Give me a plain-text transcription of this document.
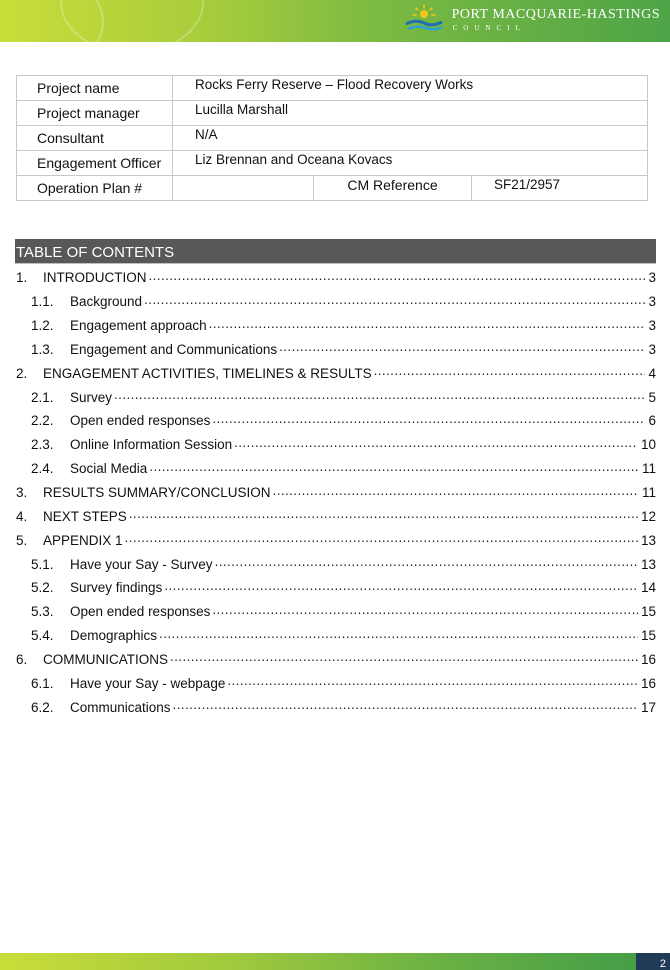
PORT MACQUARIE-HASTINGS
COUNCIL
Project name	Rocks Ferry Reserve – Flood Recovery Works		

Project manager	Lucilla Marshall		

Consultant	N/A		

Engagement Officer	Liz Brennan and Oceana Kovacs		

Operation Plan #		CM Reference	SF21/2957
TABLE OF CONTENTS
1.	INTRODUCTION .....	3
1.1.	Background .....	3
1.2.	Engagement approach .....	3
1.3.	Engagement and Communications .....	3
2.	ENGAGEMENT ACTIVITIES, TIMELINES & RESULTS .....	4
2.1.	Survey .....	5
2.2.	Open ended responses .....	6
2.3.	Online Information Session .....	10
2.4.	Social Media .....	11
3.	RESULTS SUMMARY/CONCLUSION .....	11
4.	NEXT STEPS .....	12
5.	APPENDIX 1 .....	13
5.1.	Have your Say - Survey .....	13
5.2.	Survey findings .....	14
5.3.	Open ended responses .....	15
5.4.	Demographics .....	15
6.	COMMUNICATIONS .....	16
6.1.	Have your Say - webpage .....	16
6.2.	Communications .....	17
2
